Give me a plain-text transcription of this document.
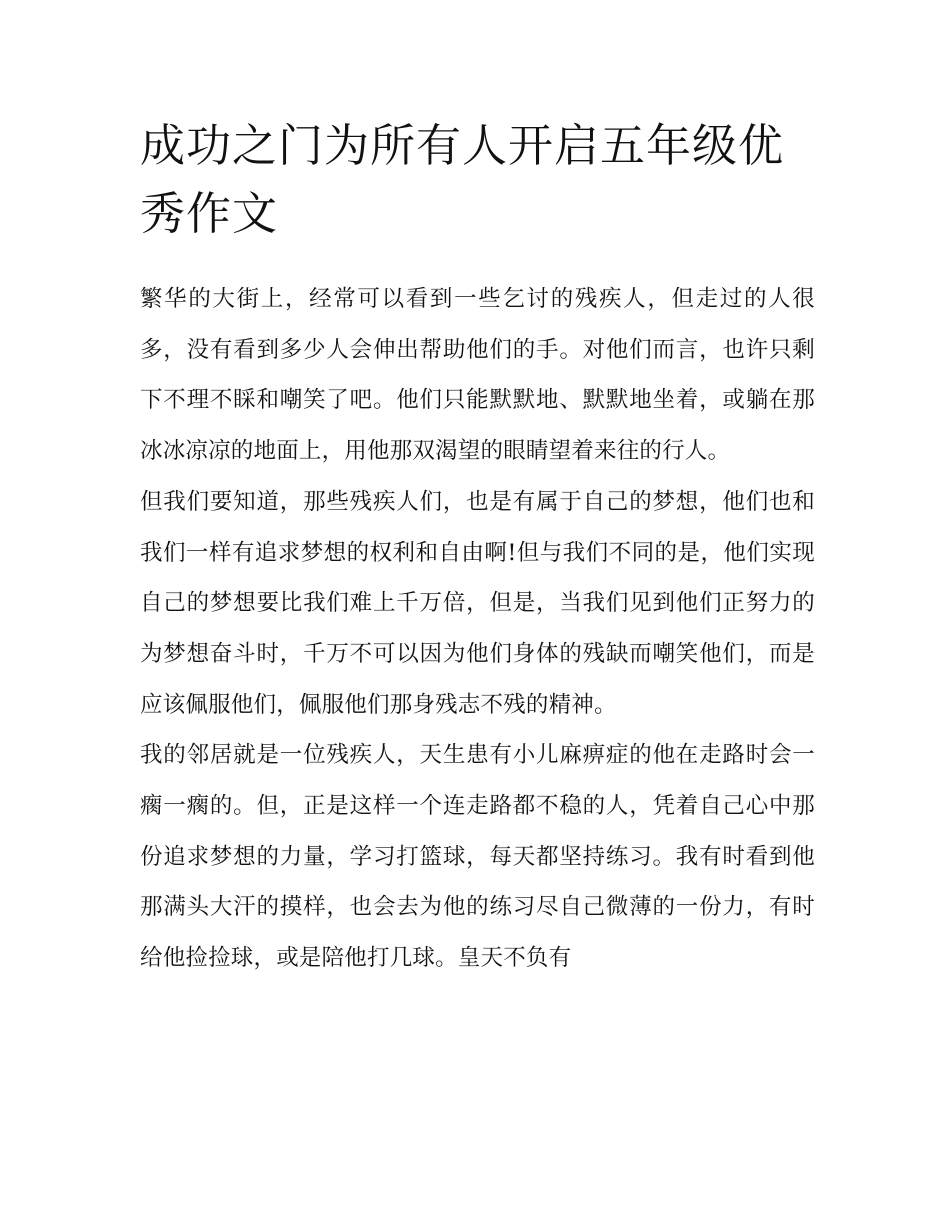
成功之门为所有人开启五年级优秀作文

繁华的大街上，经常可以看到一些乞讨的残疾人，但走过的人很多，没有看到多少人会伸出帮助他们的手。对他们而言，也许只剩下不理不睬和嘲笑了吧。他们只能默默地、默默地坐着，或躺在那冰冰凉凉的地面上，用他那双渴望的眼睛望着来往的行人。

但我们要知道，那些残疾人们，也是有属于自己的梦想，他们也和我们一样有追求梦想的权利和自由啊!但与我们不同的是，他们实现自己的梦想要比我们难上千万倍，但是，当我们见到他们正努力的为梦想奋斗时，千万不可以因为他们身体的残缺而嘲笑他们，而是应该佩服他们，佩服他们那身残志不残的精神。

我的邻居就是一位残疾人，天生患有小儿麻痹症的他在走路时会一瘸一瘸的。但，正是这样一个连走路都不稳的人，凭着自己心中那份追求梦想的力量，学习打篮球，每天都坚持练习。我有时看到他那满头大汗的摸样，也会去为他的练习尽自己微薄的一份力，有时给他捡捡球，或是陪他打几球。皇天不负有
